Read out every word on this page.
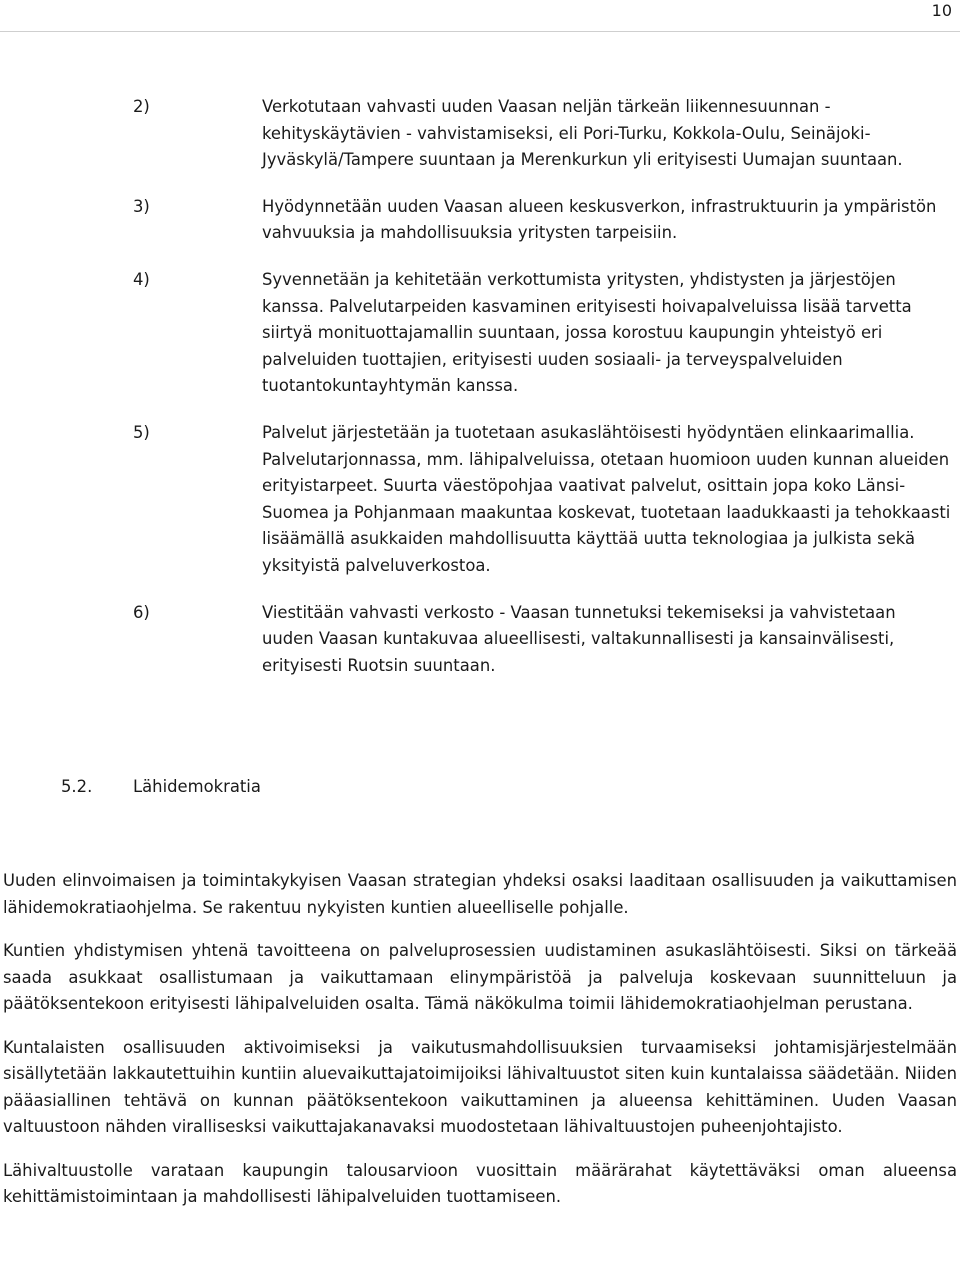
10
2)	Verkotutaan vahvasti uuden Vaasan neljän tärkeän liikennesuunnan - kehityskäytävien - vahvistamiseksi, eli Pori-Turku, Kokkola-Oulu, Seinäjoki-Jyväskylä/Tampere suuntaan ja Merenkurkun yli erityisesti Uumajan suuntaan.
3)	Hyödynnetään uuden Vaasan alueen keskusverkon, infrastruktuurin ja ympäristön vahvuuksia ja mahdollisuuksia yritysten tarpeisiin.
4)	Syvennetään ja kehitetään verkottumista yritysten, yhdistysten ja järjestöjen kanssa. Palvelutarpeiden kasvaminen erityisesti hoivapalveluissa lisää tarvetta siirtyä monituottajamallin suuntaan, jossa korostuu kaupungin yhteistyö eri palveluiden tuottajien, erityisesti uuden sosiaali- ja terveyspalveluiden tuotantokuntayhtymän kanssa.
5)	Palvelut järjestetään ja tuotetaan asukaslähtöisesti hyödyntäen elinkaarimallia. Palvelutarjonnassa, mm. lähipalveluissa, otetaan huomioon uuden kunnan alueiden erityistarpeet. Suurta väestöpohjaa vaativat palvelut, osittain jopa koko Länsi-Suomea ja Pohjanmaan maakuntaa koskevat, tuotetaan laadukkaasti ja tehokkaasti lisäämällä asukkaiden mahdollisuutta käyttää uutta teknologiaa ja julkista sekä yksityistä palveluverkostoa.
6)	Viestitään vahvasti verkosto - Vaasan tunnetuksi tekemiseksi ja vahvistetaan uuden Vaasan kuntakuvaa alueellisesti, valtakunnallisesti ja kansainvälisesti, erityisesti Ruotsin suuntaan.
5.2. Lähidemokratia

Uuden elinvoimaisen ja toimintakykyisen Vaasan strategian yhdeksi osaksi laaditaan osallisuuden ja vaikuttamisen lähidemokratiaohjelma. Se rakentuu nykyisten kuntien alueelliselle pohjalle.

Kuntien yhdistymisen yhtenä tavoitteena on palveluprosessien uudistaminen asukaslähtöisesti. Siksi on tärkeää saada asukkaat osallistumaan ja vaikuttamaan elinympäristöä ja palveluja koskevaan suunnitteluun ja päätöksentekoon erityisesti lähipalveluiden osalta. Tämä näkökulma toimii lähidemokratiaohjelman perustana.

Kuntalaisten osallisuuden aktivoimiseksi ja vaikutusmahdollisuuksien turvaamiseksi johtamisjärjestelmään sisällytetään lakkautettuihin kuntiin aluevaikuttajatoimijoiksi lähivaltuustot siten kuin kuntalaissa säädetään. Niiden pääasiallinen tehtävä on kunnan päätöksentekoon vaikuttaminen ja alueensa kehittäminen. Uuden Vaasan valtuustoon nähden virallisesksi vaikuttajakanavaksi muodostetaan lähivaltuustojen puheenjohtajisto.

Lähivaltuustolle varataan kaupungin talousarvioon vuosittain määrärahat käytettäväksi oman alueensa kehittämistoimintaan ja mahdollisesti lähipalveluiden tuottamiseen.
